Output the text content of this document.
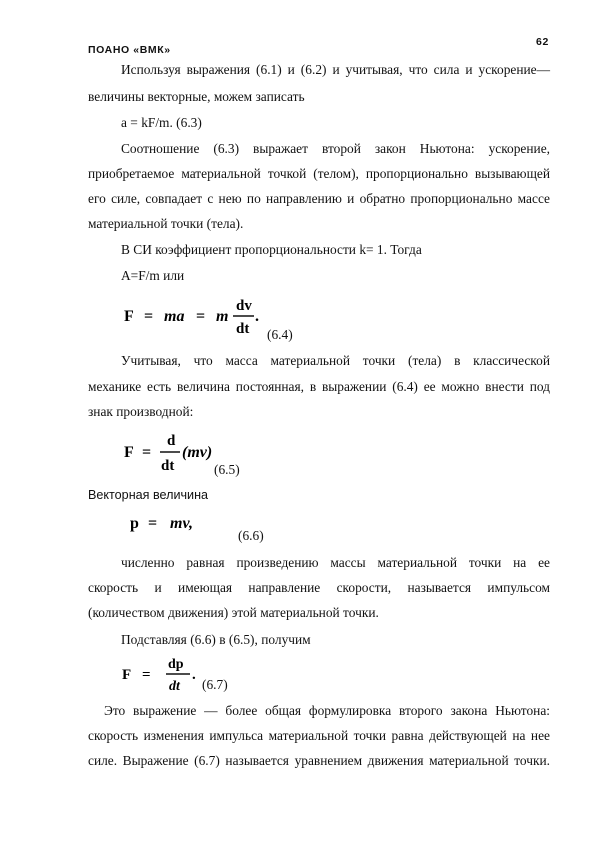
ПОАНО «ВМК»
62
Используя выражения (6.1) и (6.2) и учитывая, что сила и ускорение—
величины векторные, можем записать
a = kF/m. (6.3)
Соотношение (6.3) выражает второй закон Ньютона: ускорение,
приобретаемое материальной точкой (телом), пропорционально вызывающей
его силе, совпадает с нею по направлению и обратно пропорционально массе
материальной точки (тела).
В СИ коэффициент пропорциональности k= 1. Тогда
A=F/m или
F = ma = m
dv
dt
.
(6.4)
Учитывая, что масса материальной точки (тела) в классической
механике есть величина постоянная, в выражении (6.4) ее можно внести под
знак производной:
F =
d
dt
(mv)
(6.5)
Векторная величина
p = mv,
(6.6)
численно равная произведению массы материальной точки на ее
скорость и имеющая направление скорости, называется импульсом
(количеством движения) этой материальной точки.
Подставляя (6.6) в (6.5), получим
F =
dp
dt
.
(6.7)
Это выражение — более общая формулировка второго закона Ньютона:
скорость изменения импульса материальной точки равна действующей на нее
силе. Выражение (6.7) называется уравнением движения материальной точки.
